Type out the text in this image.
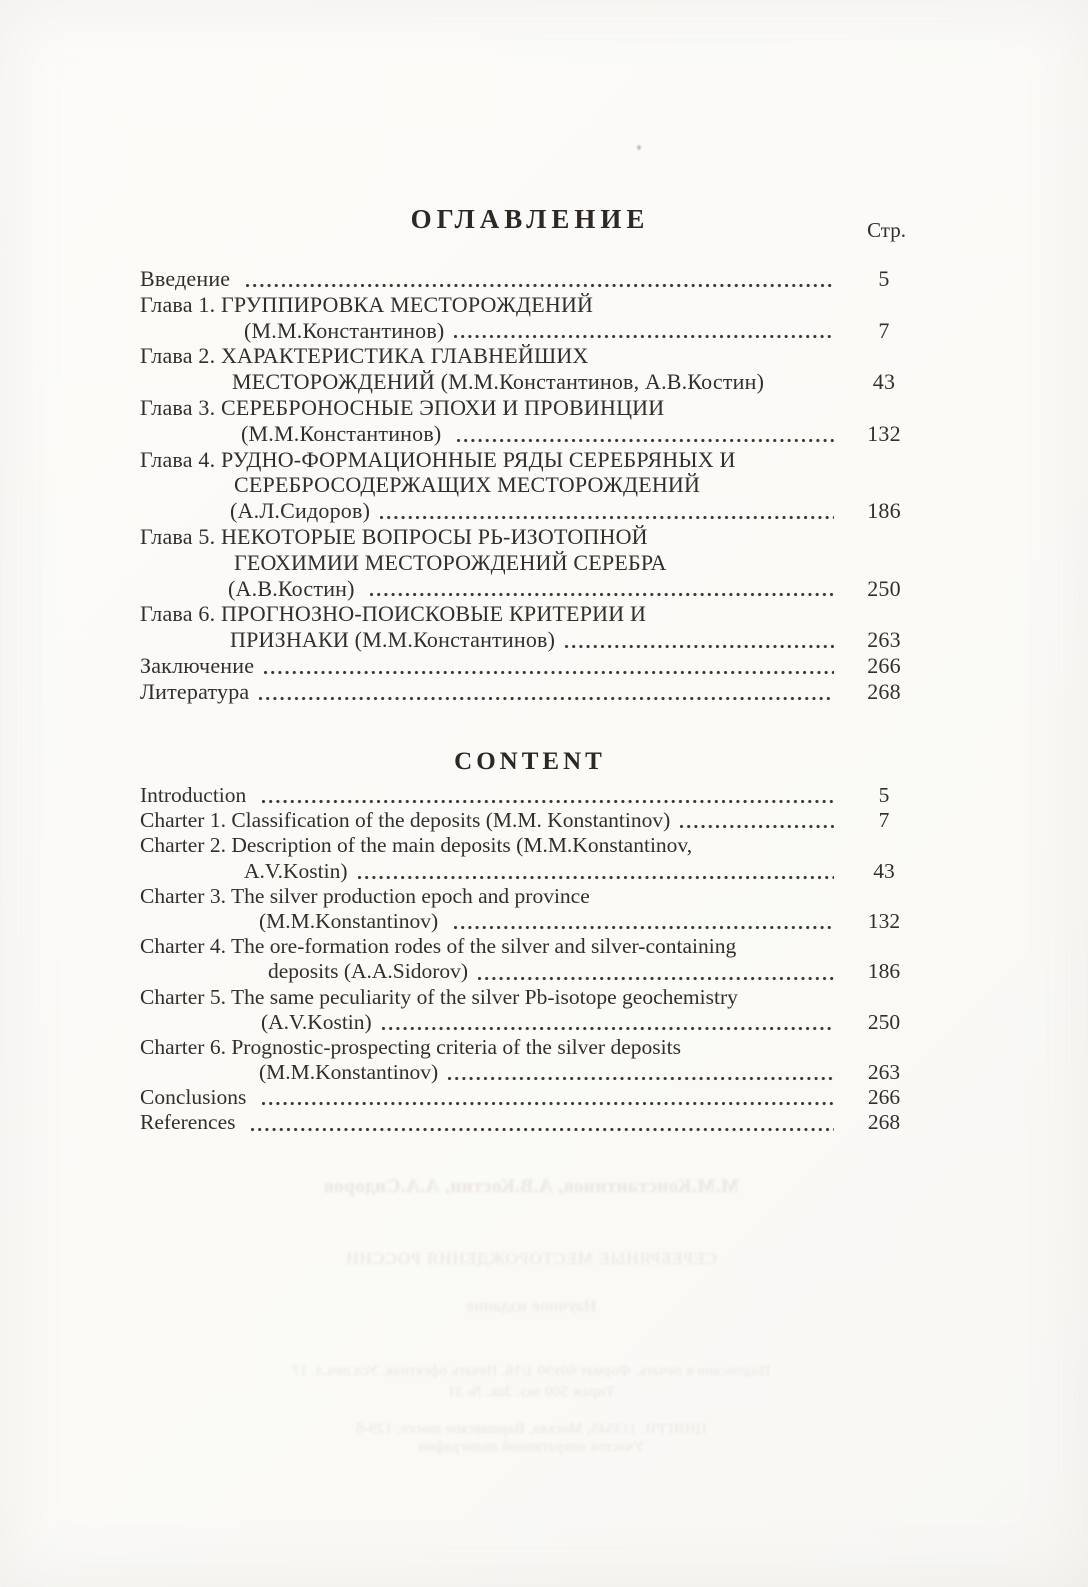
ОГЛАВЛЕНИЕ	Стр.
Введение	5
Глава 1. ГРУППИРОВКА МЕСТОРОЖДЕНИЙ
(М.М.Константинов)	7
Глава 2. ХАРАКТЕРИСТИКА ГЛАВНЕЙШИХ
МЕСТОРОЖДЕНИЙ (М.М.Константинов, А.В.Костин)	43
Глава 3. СЕРЕБРОНОСНЫЕ ЭПОХИ И ПРОВИНЦИИ
(М.М.Константинов)	132
Глава 4. РУДНО-ФОРМАЦИОННЫЕ РЯДЫ СЕРЕБРЯНЫХ И
СЕРЕБРОСОДЕРЖАЩИХ МЕСТОРОЖДЕНИЙ
(А.Л.Сидоров)	186
Глава 5. НЕКОТОРЫЕ ВОПРОСЫ РЬ-ИЗОТОПНОЙ
ГЕОХИМИИ МЕСТОРОЖДЕНИЙ СЕРЕБРА
(А.В.Костин)	250
Глава 6. ПРОГНОЗНО-ПОИСКОВЫЕ КРИТЕРИИ И
ПРИЗНАКИ (М.М.Константинов)	263
Заключение	266
Литература	268
CONTENT
Introduction	5
Charter 1. Classification of the deposits (M.M. Konstantinov)	7
Charter 2. Description of the main deposits (M.M.Konstantinov,
A.V.Kostin)	43
Charter 3. The silver production epoch and province
(M.M.Konstantinov)	132
Charter 4. The ore-formation rodes of the silver and silver-containing
deposits (A.A.Sidorov)	186
Charter 5. The same peculiarity of the silver Pb-isotope geochemistry
(A.V.Kostin)	250
Charter 6. Prognostic-prospecting criteria of the silver deposits
(M.M.Konstantinov)	263
Conclusions	266
References	268
М.М.Константинов, А.В.Костин, А.А.Сидоров
СЕРЕБРЯНЫЕ МЕСТОРОЖДЕНИЯ РОССИИ
Научное издание
Подписано в печать. Формат 60х90 1/16. Печать офсетная. Усл.печ.л. 17
Тираж 500 экз. Зак. № 31
ЦНИГРИ. 113545, Москва, Варшавское шоссе, 129-б
Участок оперативной полиграфии
